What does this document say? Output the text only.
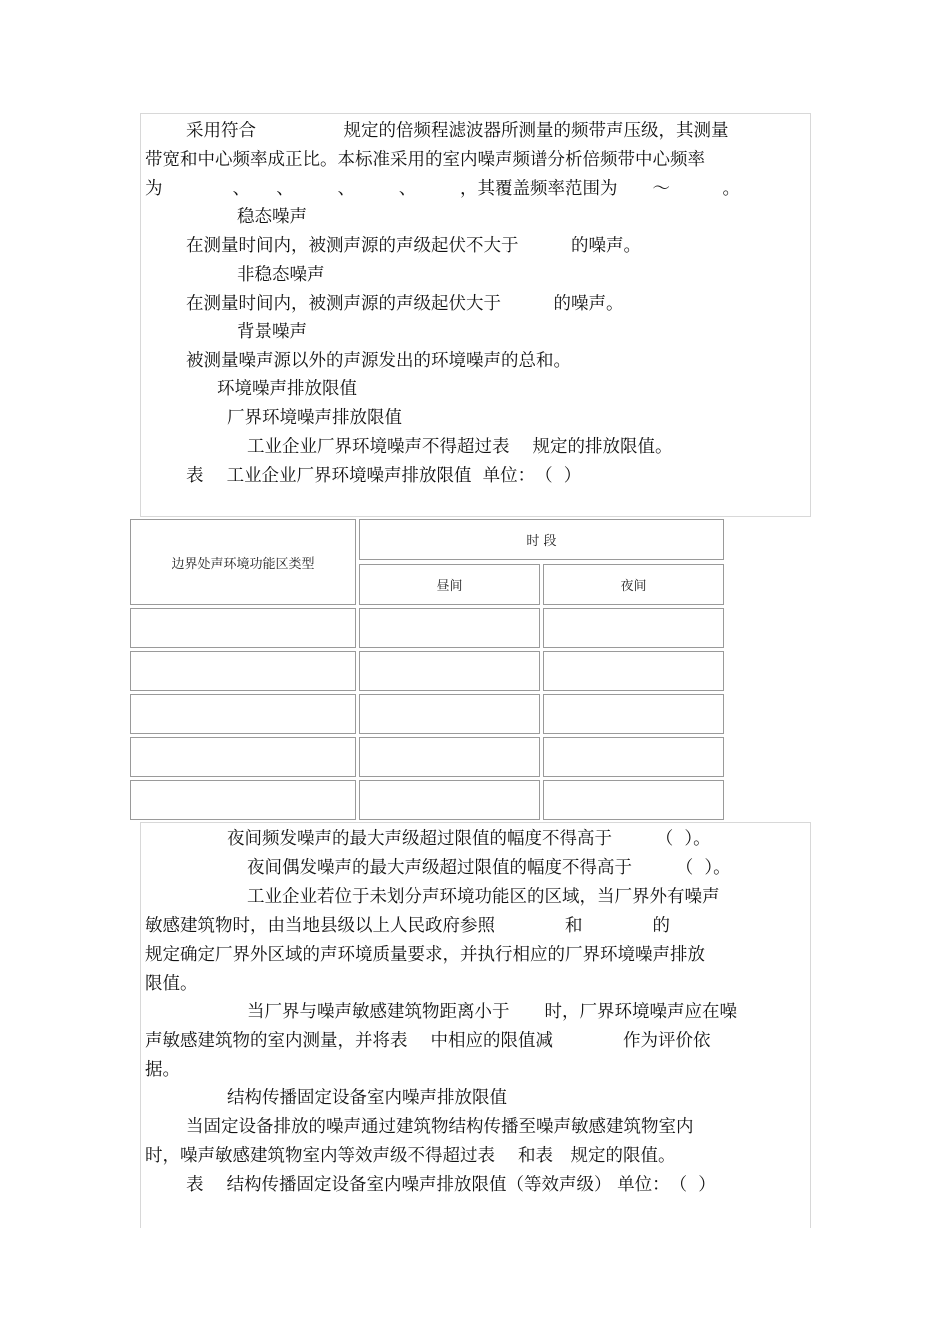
采用符合　　　　　规定的倍频程滤波器所测量的频带声压级，其测量
带宽和中心频率成正比。本标准采用的室内噪声频谱分析倍频带中心频率
为　　　　、　　、　　　、　　　、　　　，其覆盖频率范围为　　～　　　。
稳态噪声
在测量时间内，被测声源的声级起伏不大于　　　的噪声。
非稳态噪声
在测量时间内，被测声源的声级起伏大于　　　的噪声。
背景噪声
被测量噪声源以外的声源发出的环境噪声的总和。
环境噪声排放限值
厂界环境噪声排放限值
工业企业厂界环境噪声不得超过表　 规定的排放限值。
表　 工业企业厂界环境噪声排放限值  单位：　（  ）
边界处声环境功能区类型
时 段
昼间	夜间
夜间频发噪声的最大声级超过限值的幅度不得高于　　　（  ）。
夜间偶发噪声的最大声级超过限值的幅度不得高于　　　（  ）。
工业企业若位于未划分声环境功能区的区域，当厂界外有噪声
敏感建筑物时，由当地县级以上人民政府参照　　　　和　　　　的
规定确定厂界外区域的声环境质量要求，并执行相应的厂界环境噪声排放
限值。
当厂界与噪声敏感建筑物距离小于　　时，厂界环境噪声应在噪
声敏感建筑物的室内测量，并将表　 中相应的限值减　　　　作为评价依
据。
结构传播固定设备室内噪声排放限值
当固定设备排放的噪声通过建筑物结构传播至噪声敏感建筑物室内
时，噪声敏感建筑物室内等效声级不得超过表　 和表　规定的限值。
表　 结构传播固定设备室内噪声排放限值（等效声级） 单位：　（  ）
